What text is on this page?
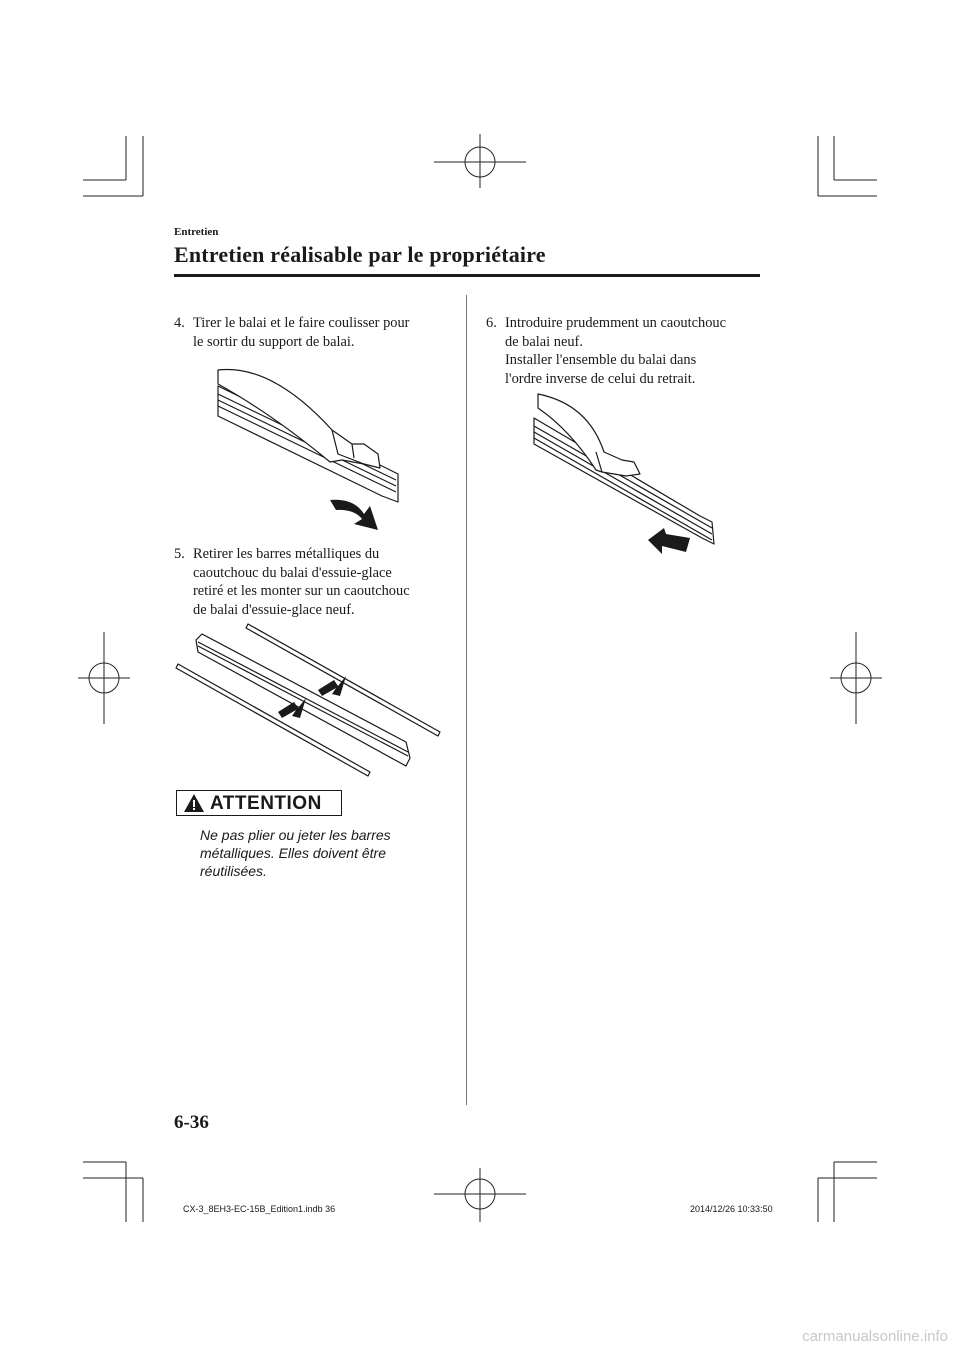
Entretien
Entretien réalisable par le propriétaire
4. Tirer le balai et le faire coulisser pour
le sortir du support de balai.
5. Retirer les barres métalliques du
caoutchouc du balai d'essuie-glace
retiré et les monter sur un caoutchouc
de balai d'essuie-glace neuf.
ATTENTION
Ne pas plier ou jeter les barres
métalliques. Elles doivent être
réutilisées.
6. Introduire prudemment un caoutchouc
de balai neuf.
Installer l'ensemble du balai dans
l'ordre inverse de celui du retrait.
6-36
CX-3_8EH3-EC-15B_Edition1.indb 36	2014/12/26 10:33:50
carmanualsonline.info
